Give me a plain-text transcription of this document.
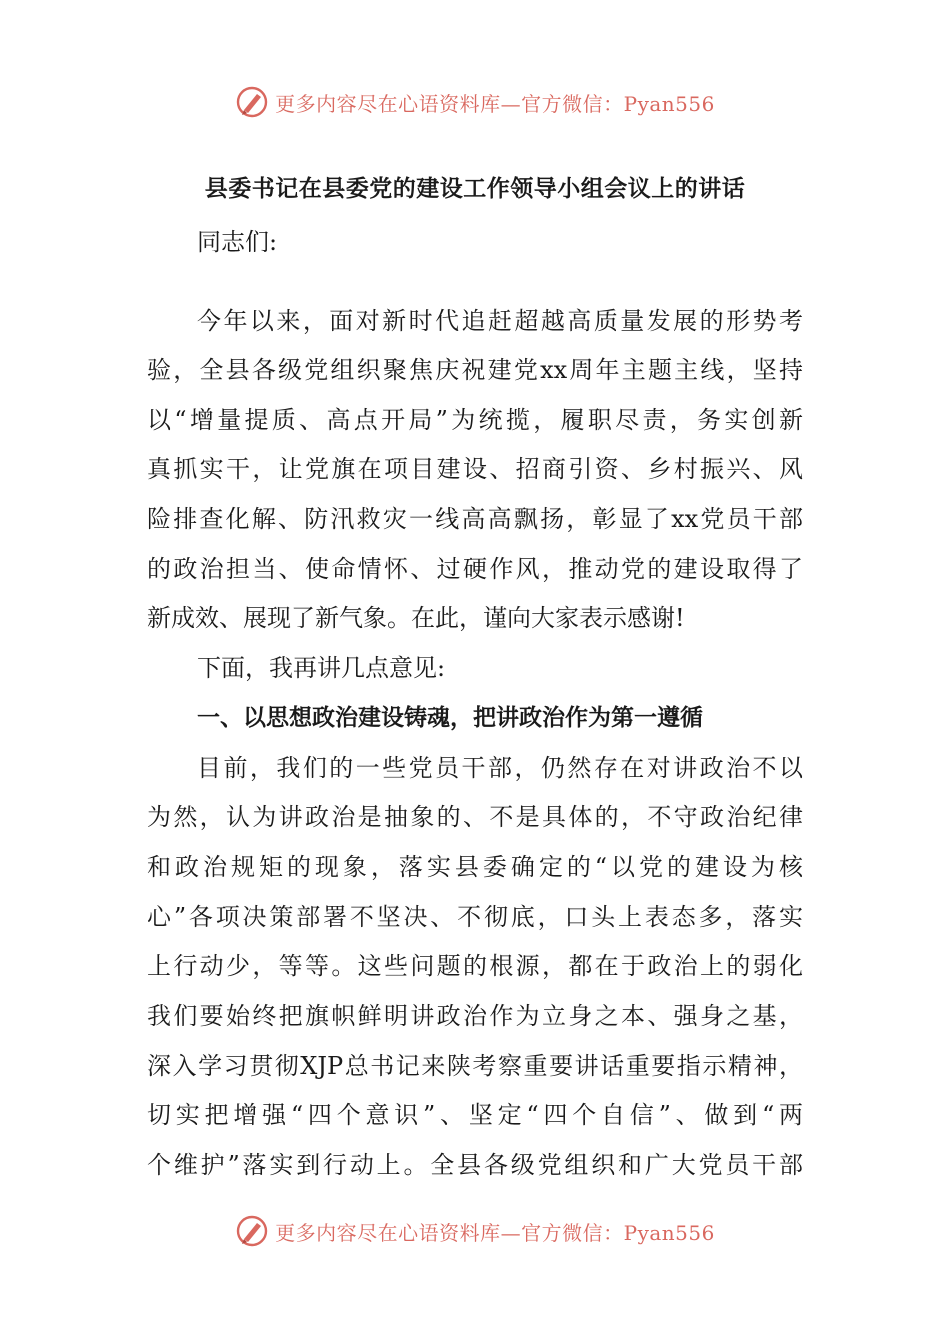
更多内容尽在心语资料库—官方微信：Pyan556
县委书记在县委党的建设工作领导小组会议上的讲话
同志们:
今年以来，面对新时代追赶超越高质量发展的形势考
验，全县各级党组织聚焦庆祝建党xx周年主题主线，坚持
以“增量提质、高点开局”为统揽，履职尽责，务实创新
真抓实干，让党旗在项目建设、招商引资、乡村振兴、风
险排查化解、防汛救灾一线高高飘扬，彰显了xx党员干部
的政治担当、使命情怀、过硬作风，推动党的建设取得了
新成效、展现了新气象。在此，谨向大家表示感谢!
下面，我再讲几点意见:
一、以思想政治建设铸魂，把讲政治作为第一遵循
目前，我们的一些党员干部，仍然存在对讲政治不以
为然，认为讲政治是抽象的、不是具体的，不守政治纪律
和政治规矩的现象，落实县委确定的“以党的建设为核
心”各项决策部署不坚决、不彻底，口头上表态多，落实
上行动少，等等。这些问题的根源，都在于政治上的弱化
我们要始终把旗帜鲜明讲政治作为立身之本、强身之基，
深入学习贯彻XJP总书记来陕考察重要讲话重要指示精神，
切实把增强“四个意识”、坚定“四个自信”、做到“两
个维护”落实到行动上。全县各级党组织和广大党员干部
更多内容尽在心语资料库—官方微信：Pyan556
